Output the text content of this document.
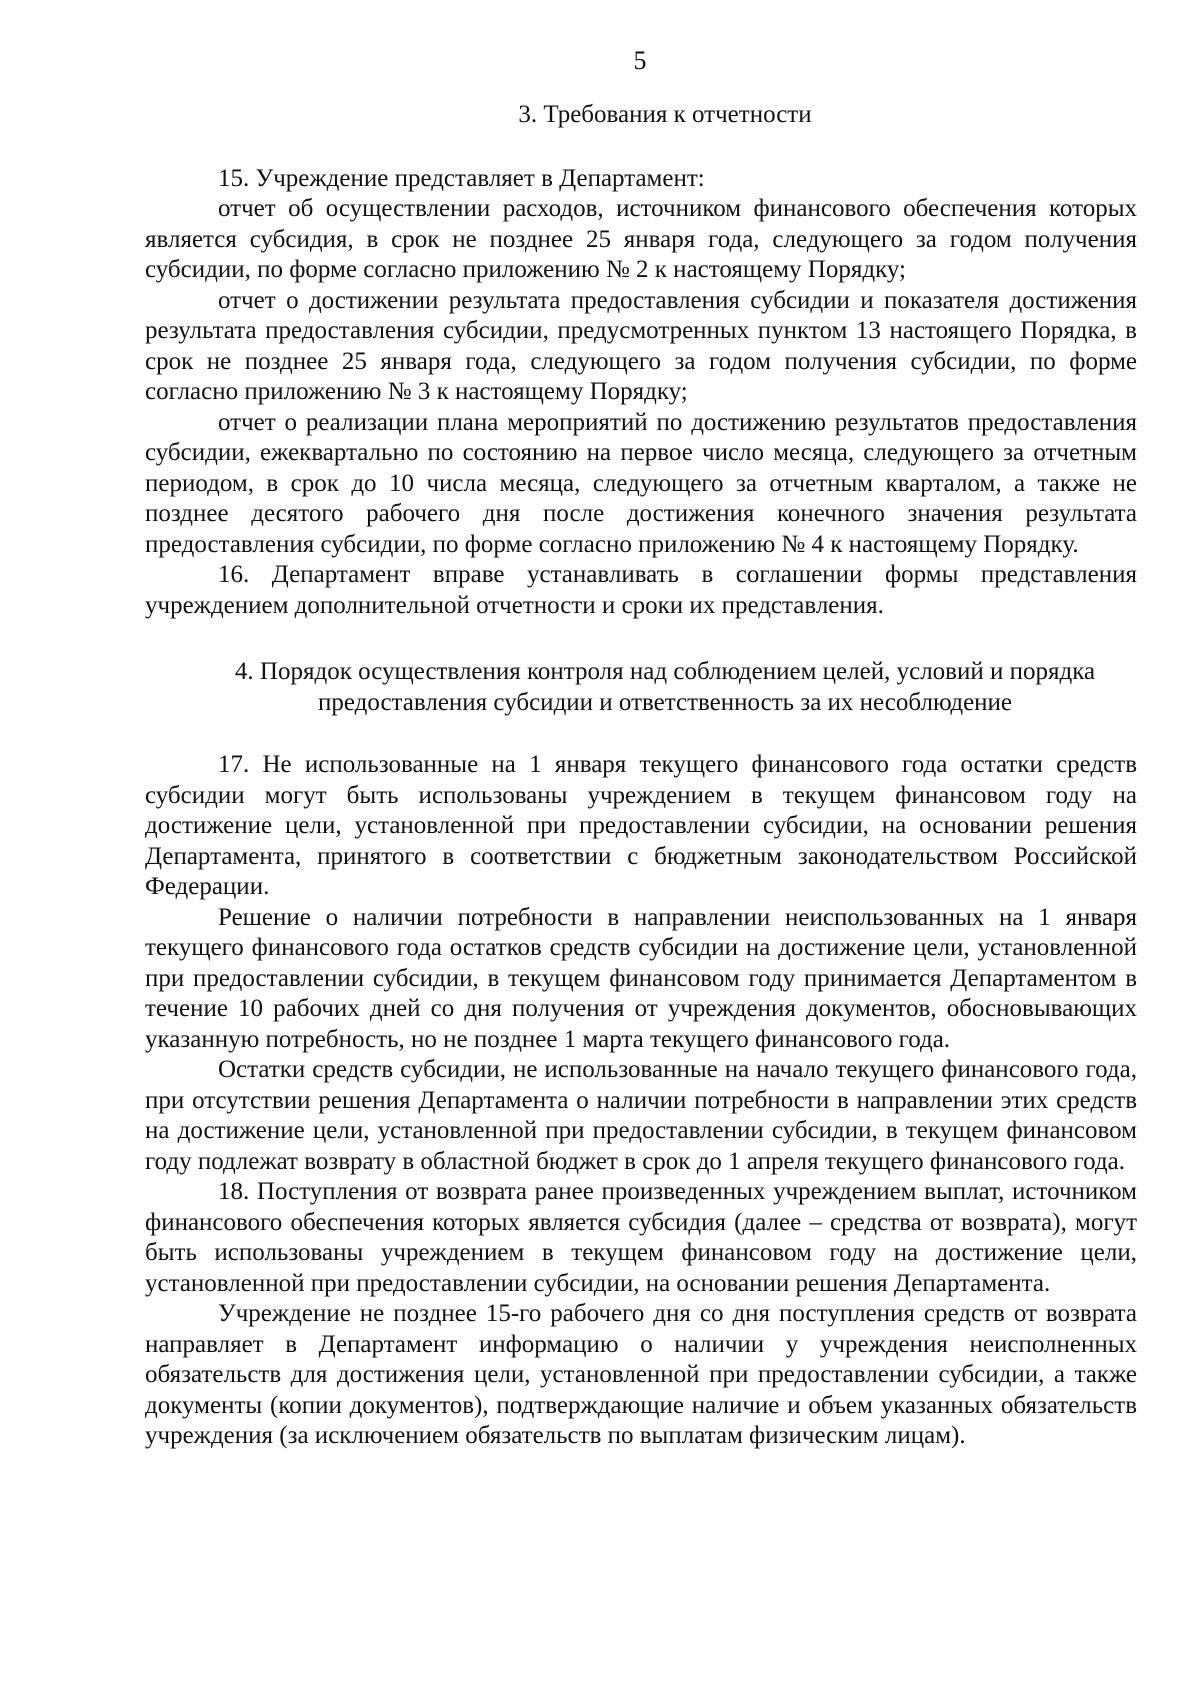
5

3. Требования к отчетности

15. Учреждение представляет в Департамент:

отчет об осуществлении расходов, источником финансового обеспечения которых является субсидия, в срок не позднее 25 января года, следующего за годом получения субсидии, по форме согласно приложению № 2 к настоящему Порядку;

отчет о достижении результата предоставления субсидии и показателя достижения результата предоставления субсидии, предусмотренных пунктом 13 настоящего Порядка, в срок не позднее 25 января года, следующего за годом получения субсидии, по форме согласно приложению № 3 к настоящему Порядку;

отчет о реализации плана мероприятий по достижению результатов предоставления субсидии, ежеквартально по состоянию на первое число месяца, следующего за отчетным периодом, в срок до 10 числа месяца, следующего за отчетным кварталом, а также не позднее десятого рабочего дня после достижения конечного значения результата предоставления субсидии, по форме согласно приложению № 4 к настоящему Порядку.

16. Департамент вправе устанавливать в соглашении формы представления учреждением дополнительной отчетности и сроки их представления.

4. Порядок осуществления контроля над соблюдением целей, условий и порядка
предоставления субсидии и ответственность за их несоблюдение

17. Не использованные на 1 января текущего финансового года остатки средств субсидии могут быть использованы учреждением в текущем финансовом году на достижение цели, установленной при предоставлении субсидии, на основании решения Департамента, принятого в соответствии с бюджетным законодательством Российской Федерации.

Решение о наличии потребности в направлении неиспользованных на 1 января текущего финансового года остатков средств субсидии на достижение цели, установленной при предоставлении субсидии, в текущем финансовом году принимается Департаментом в течение 10 рабочих дней со дня получения от учреждения документов, обосновывающих указанную потребность, но не позднее 1 марта текущего финансового года.

Остатки средств субсидии, не использованные на начало текущего финансового года, при отсутствии решения Департамента о наличии потребности в направлении этих средств на достижение цели, установленной при предоставлении субсидии, в текущем финансовом году подлежат возврату в областной бюджет в срок до 1 апреля текущего финансового года.

18. Поступления от возврата ранее произведенных учреждением выплат, источником финансового обеспечения которых является субсидия (далее – средства от возврата), могут быть использованы учреждением в текущем финансовом году на достижение цели, установленной при предоставлении субсидии, на основании решения Департамента.

Учреждение не позднее 15-го рабочего дня со дня поступления средств от возврата направляет в Департамент информацию о наличии у учреждения неисполненных обязательств для достижения цели, установленной при предоставлении субсидии, а также документы (копии документов), подтверждающие наличие и объем указанных обязательств учреждения (за исключением обязательств по выплатам физическим лицам).
